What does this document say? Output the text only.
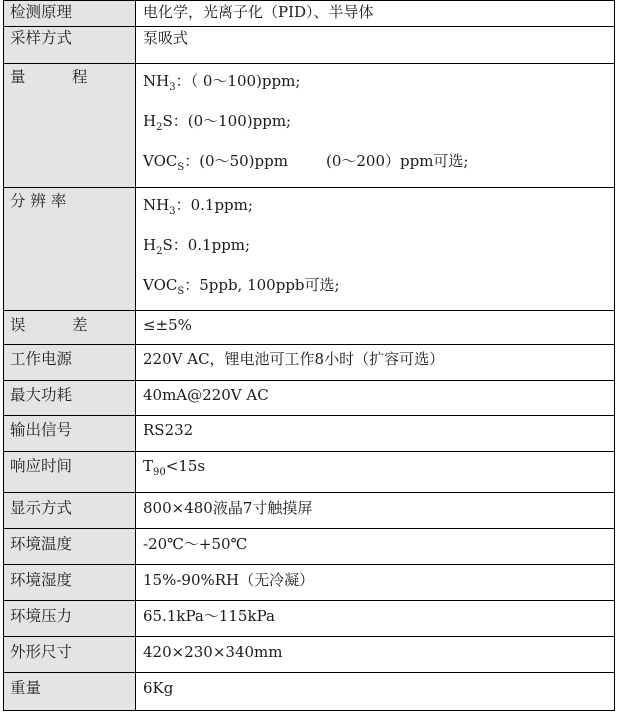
检测原理	电化学，光离子化（PID）、半导体
采样方式	泵吸式
量　　　程	$NH_3$：（ 0～100)ppm;
$H_2S$：(0～100)ppm;
$VOC_S$：(0～50)ppm (0～200）ppm可选;

分 辨 率	$NH_3$：0.1ppm;
$H_2S$：0.1ppm;
$VOC_S$：5ppb, 100ppb可选;

误　　　差	≤±5%
工作电源	220V AC，锂电池可工作8小时（扩容可选）
最大功耗	40mA@220V AC
输出信号	RS232
响应时间	$T_{90}<15s$
显示方式	800×480液晶7寸触摸屏
环境温度	-20℃～+50℃
环境湿度	15%-90%RH（无冷凝）
环境压力	65.1kPa～115kPa
外形尺寸	420×230×340mm
重量	6Kg
